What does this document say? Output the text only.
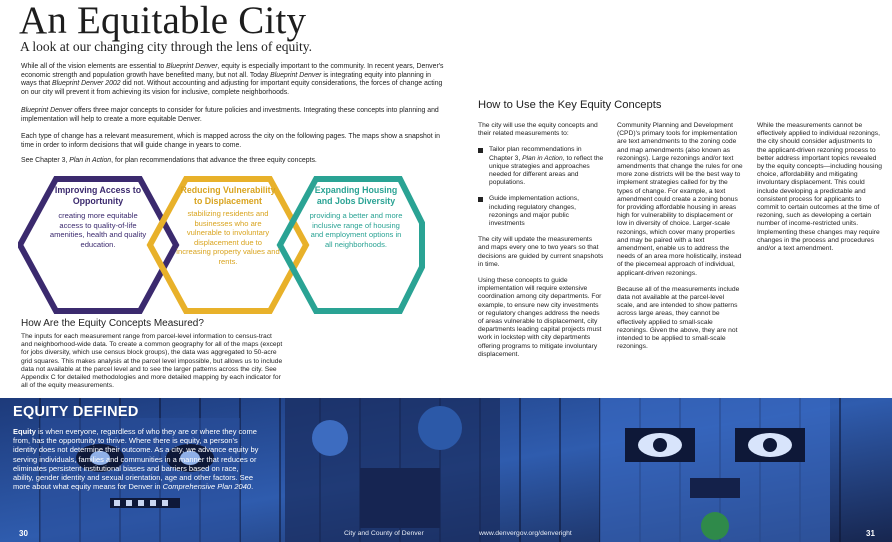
An Equitable City
A look at our changing city through the lens of equity.
While all of the vision elements are essential to Blueprint Denver, equity is especially important to the community. In recent years, Denver's economic strength and population growth have benefited many, but not all. Today Blueprint Denver is integrating equity into planning in ways that Blueprint Denver 2002 did not. Without accounting and adjusting for important equity considerations, the forces of change acting on our city will prevent it from achieving its vision for inclusive, complete neighborhoods.
Blueprint Denver offers three major concepts to consider for future policies and investments. Integrating these concepts into planning and implementation will help to create a more equitable Denver.
Each type of change has a relevant measurement, which is mapped across the city on the following pages. The maps show a snapshot in time in order to inform decisions that will guide change in years to come.
See Chapter 3, Plan in Action, for plan recommendations that advance the three equity concepts.
Improving Access to Opportunity
creating more equitable access to quality-of-life amenities, health and quality education.
Reducing Vulnerability to Displacement
stabilizing residents and businesses who are vulnerable to involuntary displacement due to increasing property values and rents.
Expanding Housing and Jobs Diversity
providing a better and more inclusive range of housing and employment options in all neighborhoods.
How Are the Equity Concepts Measured?
The inputs for each measurement range from parcel-level information to census-tract and neighborhood-wide data. To create a common geography for all of the maps (except for jobs diversity, which use census block groups), the data was aggregated to 50-acre grid squares. This makes analysis at the parcel level impossible, but allows us to include data not available at the parcel level and to see the larger patterns across the city. See Appendix C for detailed methodologies and more detailed mapping by each indicator for all of the equity measurements.
How to Use the Key Equity Concepts

The city will use the equity concepts and their related measurements to:

Tailor plan recommendations in Chapter 3, Plan in Action, to reflect the unique strategies and approaches needed for different areas and populations.
Guide implementation actions, including regulatory changes, rezonings and major public investments

The city will update the measurements and maps every one to two years so that decisions are guided by current snapshots in time.

Using these concepts to guide implementation will require extensive coordination among city departments. For example, to ensure new city investments or regulatory changes address the needs of areas vulnerable to displacement, city departments leading capital projects must work in lockstep with city departments offering programs to mitigate involuntary displacement.

Community Planning and Development (CPD)'s primary tools for implementation are text amendments to the zoning code and map amendments (also known as rezonings). Large rezonings and/or text amendments that change the rules for one more zone districts will be the best way to implement strategies called for by the types of change. For example, a text amendment could create a zoning bonus for providing affordable housing in areas high for vulnerability to displacement or low in diversity of choice. Larger-scale rezonings, which cover many properties and may be paired with a text amendment, enable us to address the needs of an area more holistically, instead of the piecemeal approach of individual, applicant-driven rezonings.

Because all of the measurements include data not available at the parcel-level scale, and are intended to show patterns across large areas, they cannot be effectively applied to small-scale rezonings. Given the above, they are not intended to be applied to small-scale rezonings.

While the measurements cannot be effectively applied to individual rezonings, the city should consider adjustments to the applicant-driven rezoning process to better address important topics revealed by the equity concepts—including housing choice, affordability and mitigating involuntary displacement. This could include developing a predictable and consistent process for applicants to commit to certain outcomes at the time of rezoning, such as developing a certain number of income-restricted units. Implementing these changes may require changes in the process and procedures and/or a text amendment.

EQUITY DEFINED
Equity is when everyone, regardless of who they are or where they come from, has the opportunity to thrive. Where there is equity, a person's identity does not determine their outcome. As a city, we advance equity by serving individuals, families and communities in a manner that reduces or eliminates persistent institutional biases and barriers based on race, ability, gender identity and sexual orientation, age and other factors. See more about what equity means for Denver in Comprehensive Plan 2040.
30	City and County of Denver	www.denvergov.org/denveright	31
